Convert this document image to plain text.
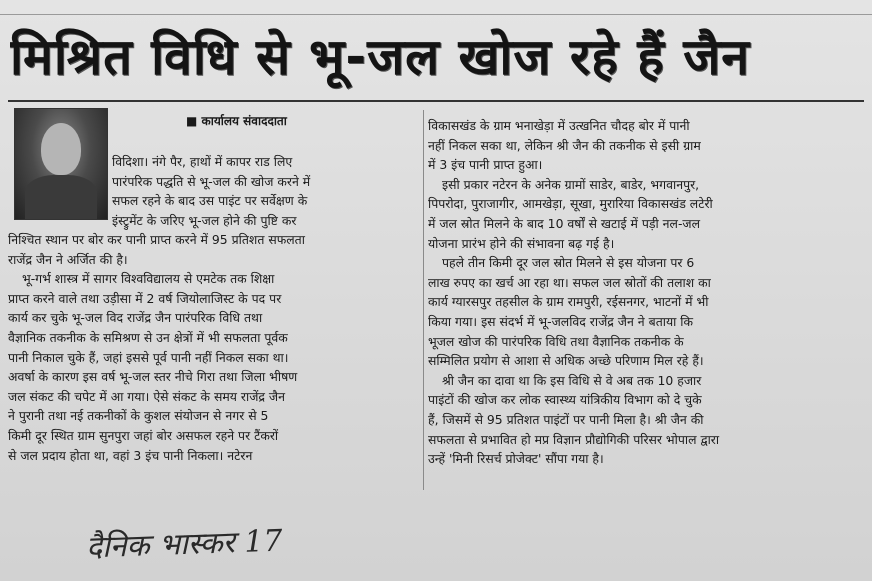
मिश्रित विधि से भू-जल खोज रहे हैं जैन
■ कार्यालय संवाददाता
विदिशा। नंगे पैर, हाथों में कापर राड लिए
पारंपरिक पद्धति से भू-जल की खोज करने में
सफल रहने के बाद उस पाइंट पर सर्वेक्षण के
इंस्ट्रुमेंट के जरिए भू-जल होने की पुष्टि कर
निश्चित स्थान पर बोर कर पानी प्राप्त करने में 95 प्रतिशत सफलता
राजेंद्र जैन ने अर्जित की है।
भू-गर्भ शास्त्र में सागर विश्वविद्यालय से एमटेक तक शिक्षा
प्राप्त करने वाले तथा उड़ीसा में 2 वर्ष जियोलाजिस्ट के पद पर
कार्य कर चुके भू-जल विद राजेंद्र जैन पारंपरिक विधि तथा
वैज्ञानिक तकनीक के समिश्रण से उन क्षेत्रों में भी सफलता पूर्वक
पानी निकाल चुके हैं, जहां इससे पूर्व पानी नहीं निकल सका था।
अवर्षा के कारण इस वर्ष भू-जल स्तर नीचे गिरा तथा जिला भीषण
जल संकट की चपेट में आ गया। ऐसे संकट के समय राजेंद्र जैन
ने पुरानी तथा नई तकनीकों के कुशल संयोजन से नगर से 5
किमी दूर स्थित ग्राम सुनपुरा जहां बोर असफल रहने पर टैंकरों
से जल प्रदाय होता था, वहां 3 इंच पानी निकला। नटेरन
विकासखंड के ग्राम भनाखेड़ा में उत्खनित चौदह बोर में पानी
नहीं निकल सका था, लेकिन श्री जैन की तकनीक से इसी ग्राम
में 3 इंच पानी प्राप्त हुआ।
इसी प्रकार नटेरन के अनेक ग्रामों साडेर, बाडेर, भगवानपुर,
पिपरोदा, पुराजागीर, आमखेड़ा, सूखा, मुरारिया विकासखंड लटेरी
में जल स्रोत मिलने के बाद 10 वर्षों से खटाई में पड़ी नल-जल
योजना प्रारंभ होने की संभावना बढ़ गई है।
पहले तीन किमी दूर जल स्रोत मिलने से इस योजना पर 6
लाख रुपए का खर्च आ रहा था। सफल जल स्रोतों की तलाश का
कार्य ग्यारसपुर तहसील के ग्राम रामपुरी, रईसनगर, भाटनों में भी
किया गया। इस संदर्भ में भू-जलविद राजेंद्र जैन ने बताया कि
भूजल खोज की पारंपरिक विधि तथा वैज्ञानिक तकनीक के
सम्मिलित प्रयोग से आशा से अधिक अच्छे परिणाम मिल रहे हैं।
श्री जैन का दावा था कि इस विधि से वे अब तक 10 हजार
पाइंटों की खोज कर लोक स्वास्थ्य यांत्रिकीय विभाग को दे चुके
हैं, जिसमें से 95 प्रतिशत पाइंटों पर पानी मिला है। श्री जैन की
सफलता से प्रभावित हो मप्र विज्ञान प्रौद्योगिकी परिसर भोपाल द्वारा
उन्हें 'मिनी रिसर्च प्रोजेक्ट' सौंपा गया है।
दैनिक भास्कर 17
